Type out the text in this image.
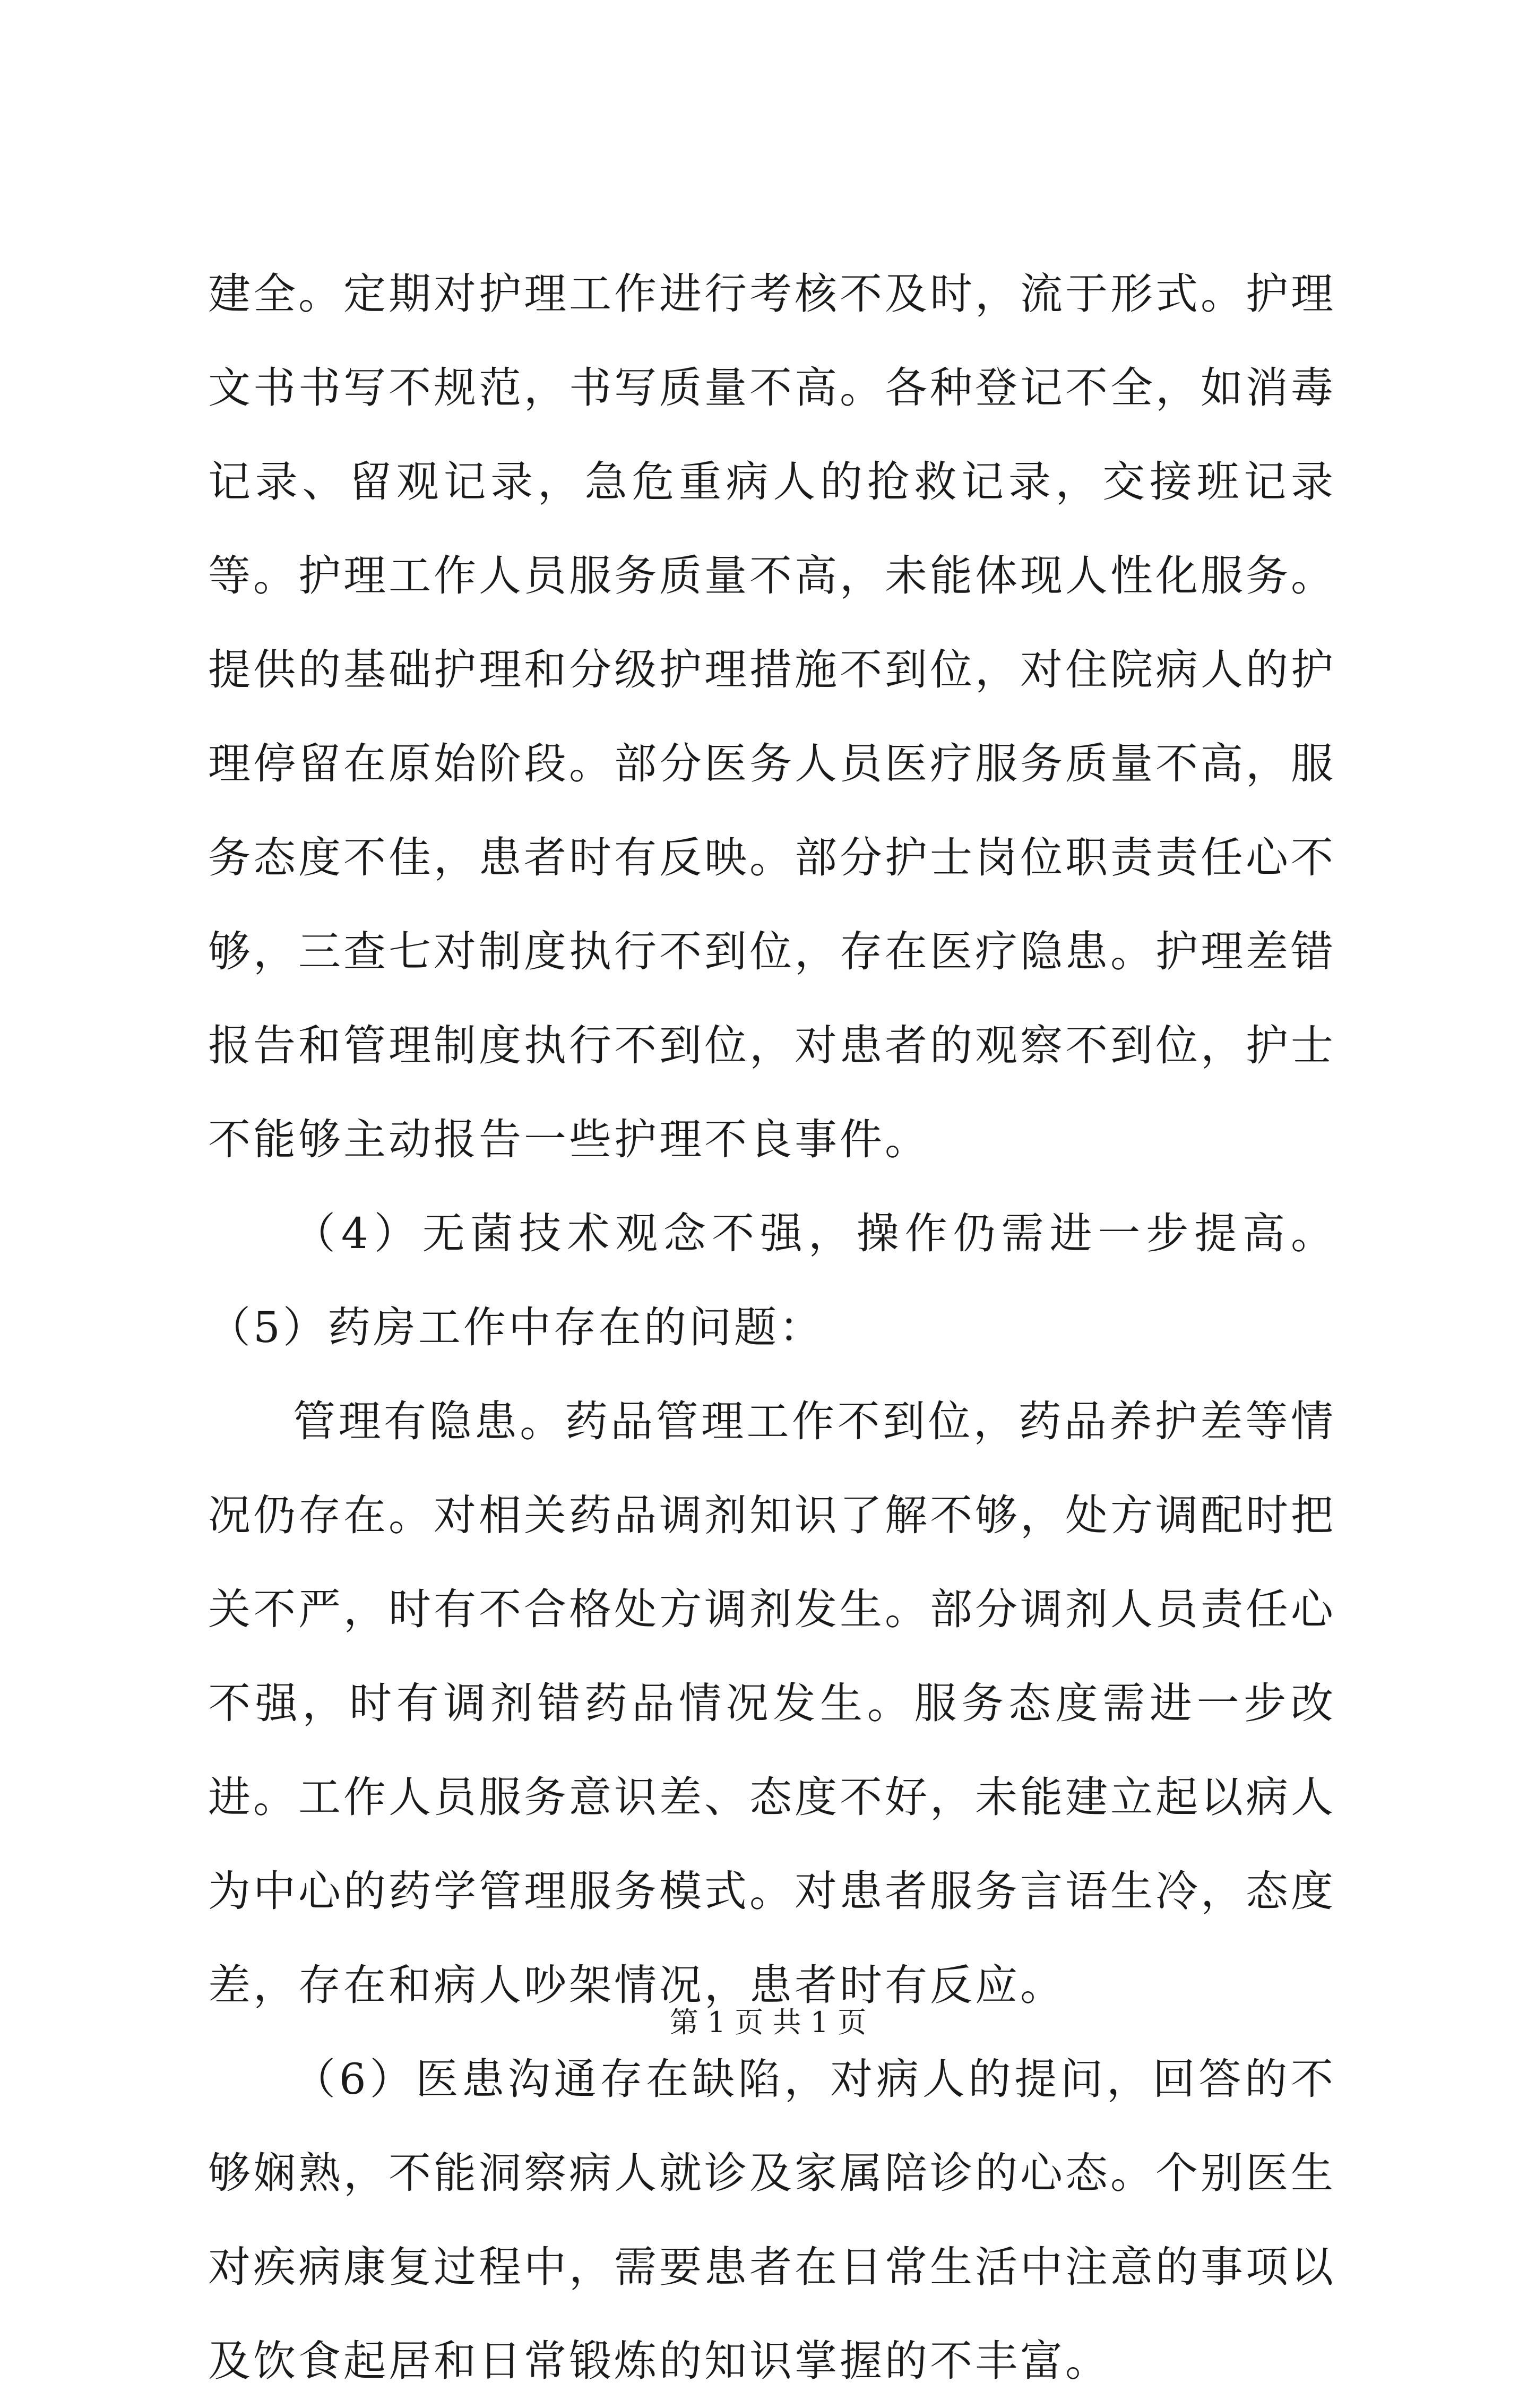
建全。定期对护理工作进行考核不及时，流于形式。护理文书书写不规范，书写质量不高。各种登记不全，如消毒记录、留观记录，急危重病人的抢救记录，交接班记录等。护理工作人员服务质量不高，未能体现人性化服务。提供的基础护理和分级护理措施不到位，对住院病人的护理停留在原始阶段。部分医务人员医疗服务质量不高，服务态度不佳，患者时有反映。部分护士岗位职责责任心不够，三查七对制度执行不到位，存在医疗隐患。护理差错报告和管理制度执行不到位，对患者的观察不到位，护士不能够主动报告一些护理不良事件。

（4）无菌技术观念不强，操作仍需进一步提高。（5）药房工作中存在的问题：

管理有隐患。药品管理工作不到位，药品养护差等情况仍存在。对相关药品调剂知识了解不够，处方调配时把关不严，时有不合格处方调剂发生。部分调剂人员责任心不强，时有调剂错药品情况发生。服务态度需进一步改进。工作人员服务意识差、态度不好，未能建立起以病人为中心的药学管理服务模式。对患者服务言语生冷，态度差，存在和病人吵架情况，患者时有反应。

（6）医患沟通存在缺陷，对病人的提问，回答的不够娴熟，不能洞察病人就诊及家属陪诊的心态。个别医生对疾病康复过程中，需要患者在日常生活中注意的事项以及饮食起居和日常锻炼的知识掌握的不丰富。

第 1 页 共 1 页
